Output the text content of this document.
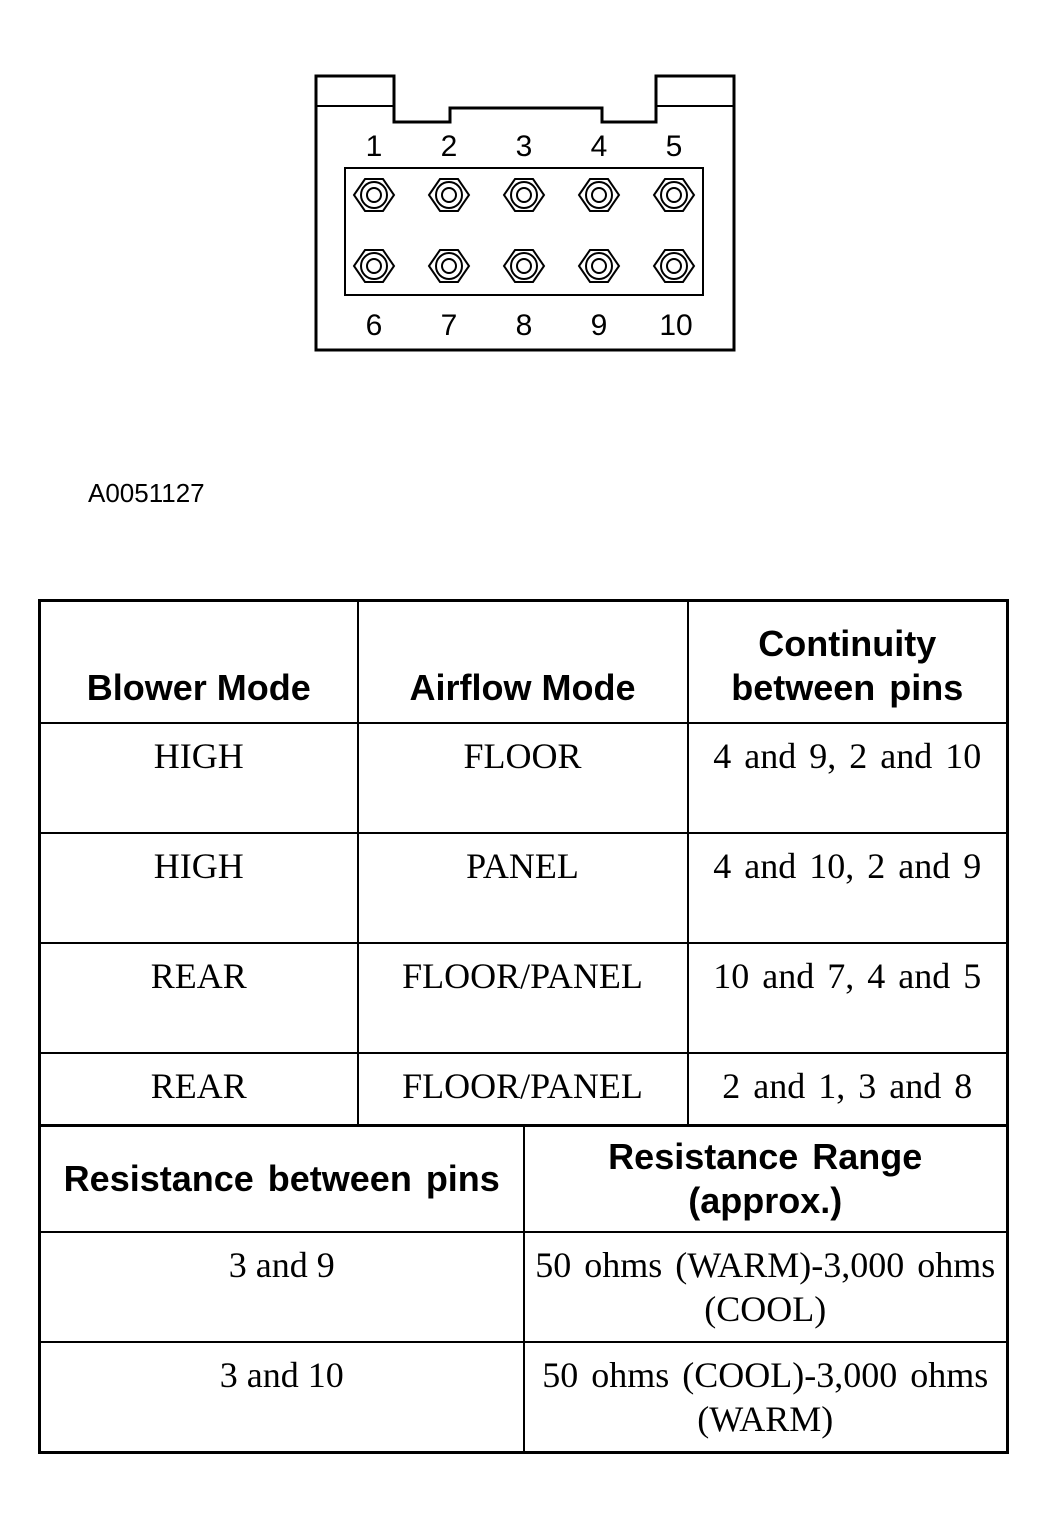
1 2 3 4 5
6 7 8 9 10
A0051127
Blower Mode	Airflow Mode	Continuity between pins

HIGH	FLOOR	4 and 9, 2 and 10

HIGH	PANEL	4 and 10, 2 and 9

REAR	FLOOR/PANEL	10 and 7, 4 and 5

REAR	FLOOR/PANEL	2 and 1, 3 and 8
Resistance between pins	Resistance Range (approx.)

3 and 9	50 ohms (WARM)-3,000 ohms (COOL)

3 and 10	50 ohms (COOL)-3,000 ohms (WARM)
